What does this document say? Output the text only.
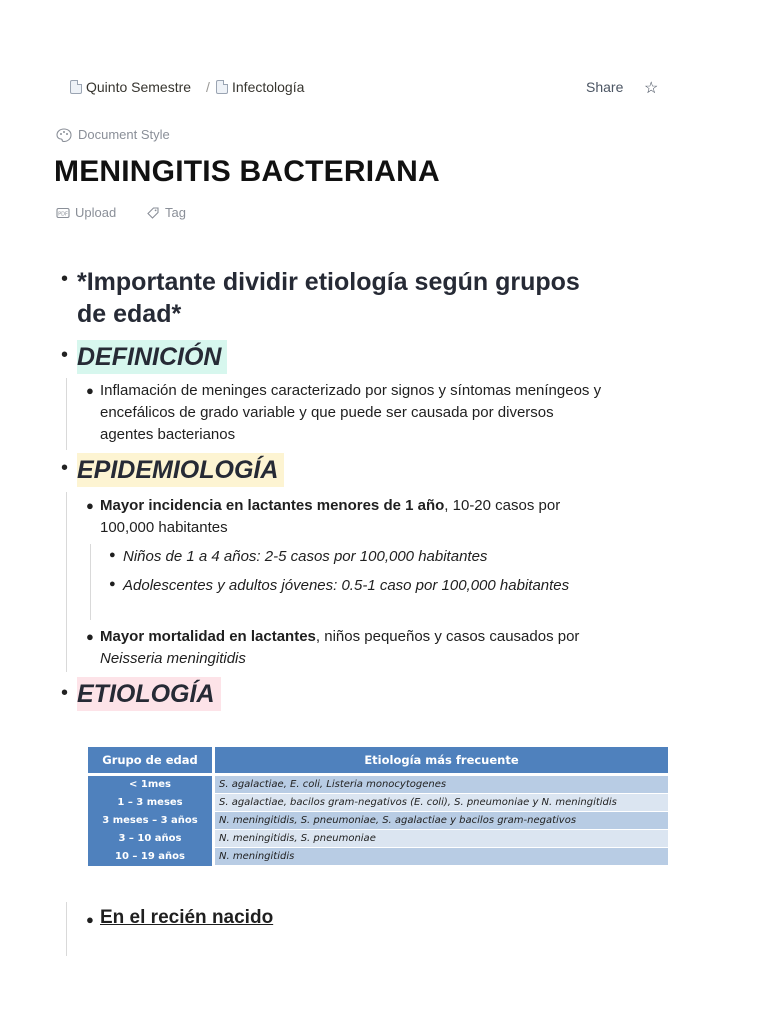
Quinto Semestre / Infectología	Share ☆
Document Style
MENINGITIS BACTERIANA
PDF Upload	Tag
• *Importante dividir etiología según grupos de edad*
• DEFINICIÓN
● Inflamación de meninges caracterizado por signos y síntomas meníngeos y encefálicos de grado variable y que puede ser causada por diversos agentes bacterianos

• EPIDEMIOLOGÍA
● Mayor incidencia en lactantes menores de 1 año, 10-20 casos por 100,000 habitantes

● Niños de 1 a 4 años: 2-5 casos por 100,000 habitantes

● Adolescentes y adultos jóvenes: 0.5-1 caso por 100,000 habitantes

● Mayor mortalidad en lactantes, niños pequeños y casos causados por Neisseria meningitidis

• ETIOLOGÍA
Grupo de edad	Etiología más frecuente
< 1mes	S. agalactiae, E. coli, Listeria monocytogenes
1 – 3 meses	S. agalactiae, bacilos gram-negativos (E. coli), S. pneumoniae y N. meningitidis
3 meses – 3 años	N. meningitidis, S. pneumoniae, S. agalactiae y bacilos gram-negativos
3 – 10 años	N. meningitidis, S. pneumoniae
10 – 19 años	N. meningitidis
● En el recién nacido
